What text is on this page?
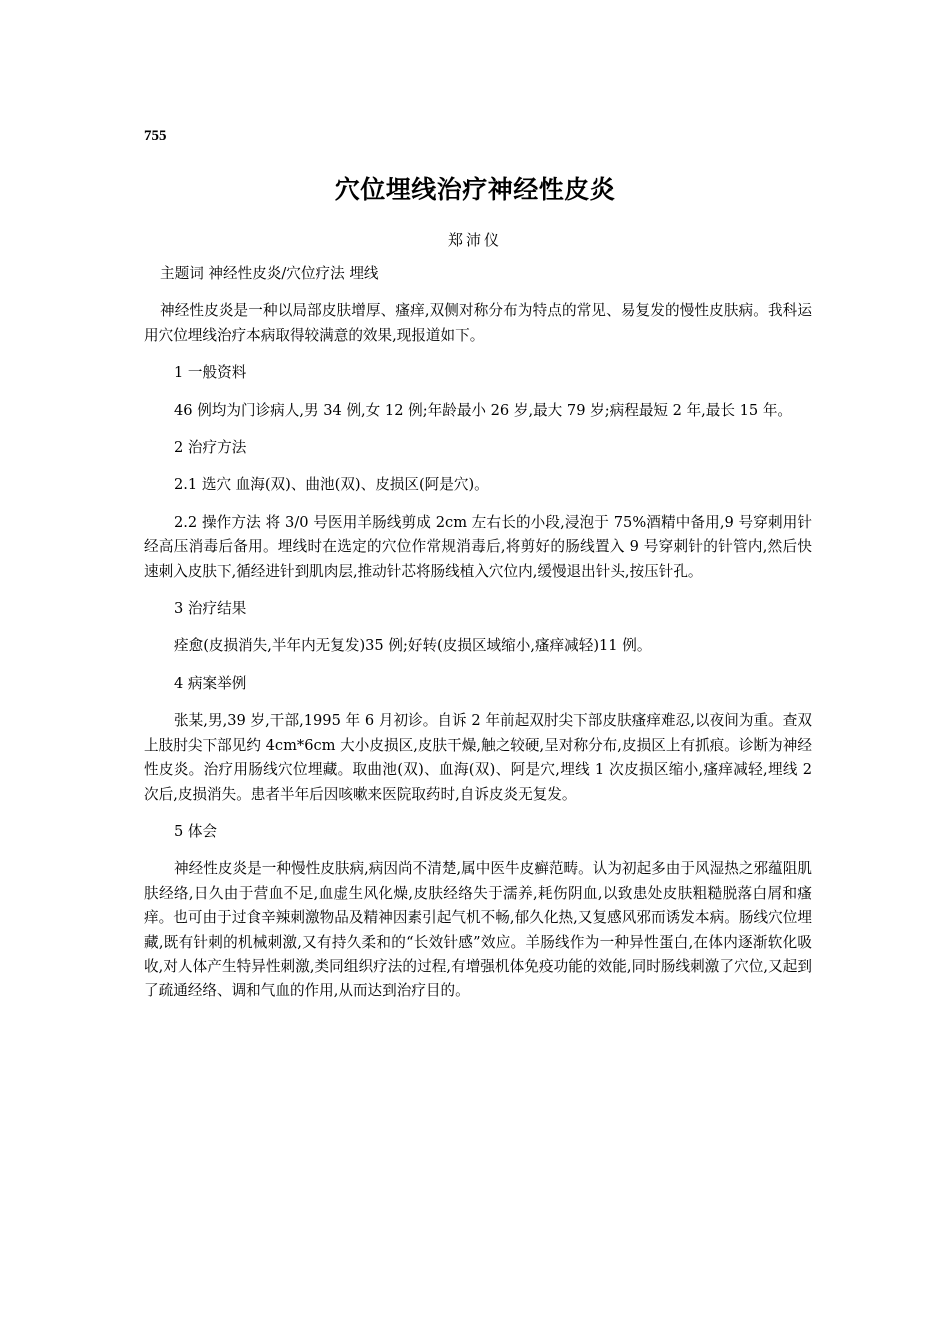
755
穴位埋线治疗神经性皮炎
郑沛仪

主题词 神经性皮炎/穴位疗法 埋线

神经性皮炎是一种以局部皮肤增厚、瘙痒,双侧对称分布为特点的常见、易复发的慢性皮肤病。我科运用穴位埋线治疗本病取得较满意的效果,现报道如下。

1 一般资料

46 例均为门诊病人,男 34 例,女 12 例;年龄最小 26 岁,最大 79 岁;病程最短 2 年,最长 15 年。

2 治疗方法

2.1 选穴 血海(双)、曲池(双)、皮损区(阿是穴)。

2.2 操作方法 将 3/0 号医用羊肠线剪成 2cm 左右长的小段,浸泡于 75%酒精中备用,9 号穿刺用针经高压消毒后备用。埋线时在选定的穴位作常规消毒后,将剪好的肠线置入 9 号穿刺针的针管内,然后快速刺入皮肤下,循经进针到肌肉层,推动针芯将肠线植入穴位内,缓慢退出针头,按压针孔。

3 治疗结果

痊愈(皮损消失,半年内无复发)35 例;好转(皮损区域缩小,瘙痒减轻)11 例。

4 病案举例

张某,男,39 岁,干部,1995 年 6 月初诊。自诉 2 年前起双肘尖下部皮肤瘙痒难忍,以夜间为重。查双上肢肘尖下部见约 4cm*6cm 大小皮损区,皮肤干燥,触之较硬,呈对称分布,皮损区上有抓痕。诊断为神经性皮炎。治疗用肠线穴位埋藏。取曲池(双)、血海(双)、阿是穴,埋线 1 次皮损区缩小,瘙痒减轻,埋线 2 次后,皮损消失。患者半年后因咳嗽来医院取药时,自诉皮炎无复发。

5 体会

神经性皮炎是一种慢性皮肤病,病因尚不清楚,属中医牛皮癣范畴。认为初起多由于风湿热之邪蕴阻肌肤经络,日久由于营血不足,血虚生风化燥,皮肤经络失于濡养,耗伤阴血,以致患处皮肤粗糙脱落白屑和瘙痒。也可由于过食辛辣刺激物品及精神因素引起气机不畅,郁久化热,又复感风邪而诱发本病。肠线穴位埋藏,既有针刺的机械刺激,又有持久柔和的“长效针感”效应。羊肠线作为一种异性蛋白,在体内逐渐软化吸收,对人体产生特异性刺激,类同组织疗法的过程,有增强机体免疫功能的效能,同时肠线刺激了穴位,又起到了疏通经络、调和气血的作用,从而达到治疗目的。
